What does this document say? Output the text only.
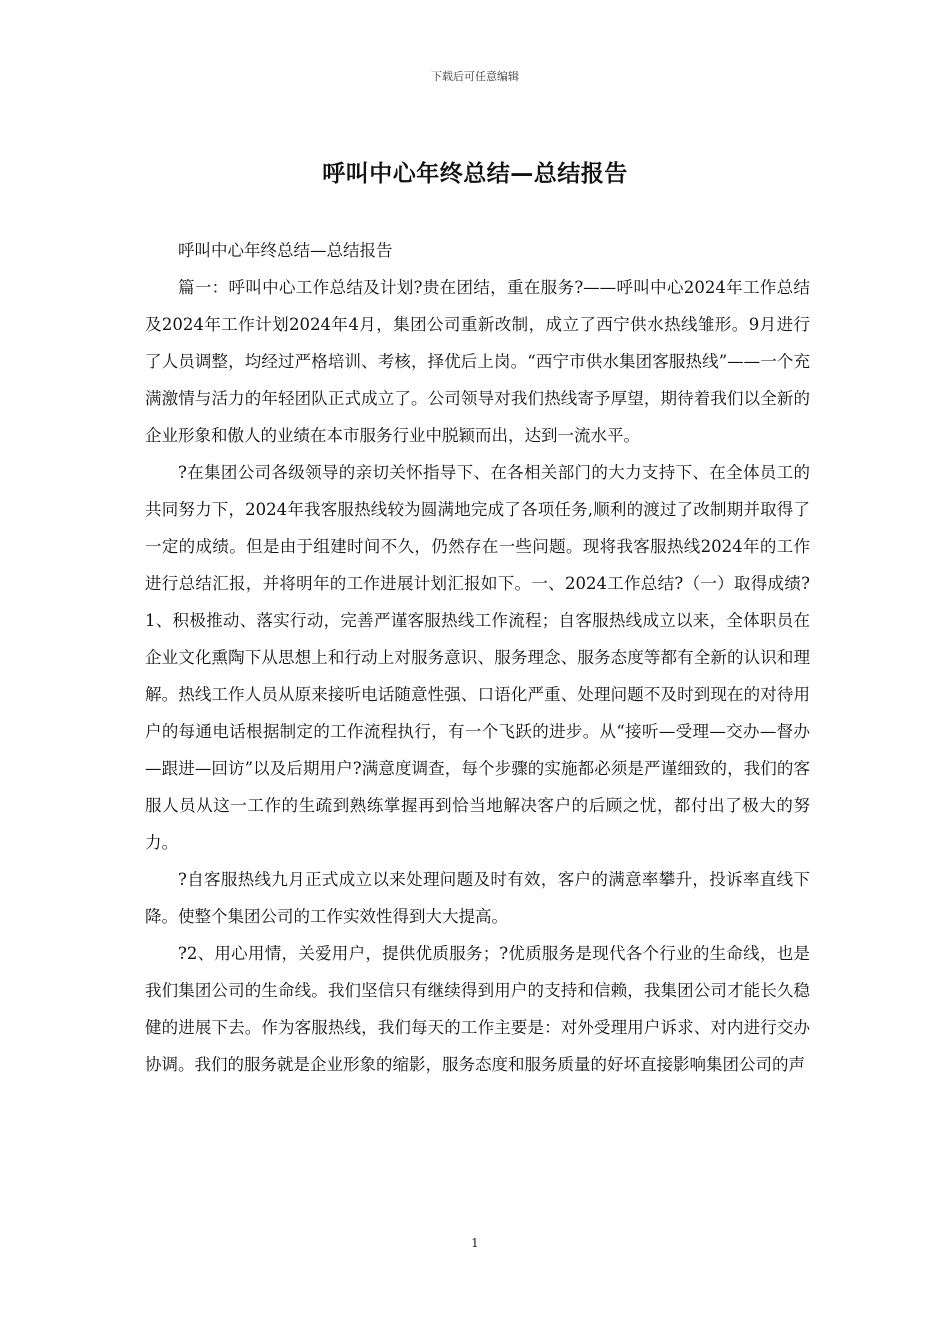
下载后可任意编辑
呼叫中心年终总结—总结报告

呼叫中心年终总结—总结报告

篇一：呼叫中心工作总结及计划?贵在团结，重在服务?——呼叫中心2024年工作总结及2024年工作计划2024年4月，集团公司重新改制，成立了西宁供水热线雏形。9月进行了人员调整，均经过严格培训、考核，择优后上岗。“西宁市供水集团客服热线”——一个充满激情与活力的年轻团队正式成立了。公司领导对我们热线寄予厚望，期待着我们以全新的企业形象和傲人的业绩在本市服务行业中脱颖而出，达到一流水平。

?在集团公司各级领导的亲切关怀指导下、在各相关部门的大力支持下、在全体员工的共同努力下，2024年我客服热线较为圆满地完成了各项任务,顺利的渡过了改制期并取得了一定的成绩。但是由于组建时间不久，仍然存在一些问题。现将我客服热线2024年的工作进行总结汇报，并将明年的工作进展计划汇报如下。一、2024工作总结?（一）取得成绩?1、积极推动、落实行动，完善严谨客服热线工作流程；自客服热线成立以来，全体职员在企业文化熏陶下从思想上和行动上对服务意识、服务理念、服务态度等都有全新的认识和理解。热线工作人员从原来接听电话随意性强、口语化严重、处理问题不及时到现在的对待用户的每通电话根据制定的工作流程执行，有一个飞跃的进步。从“接听—受理—交办—督办—跟进—回访”以及后期用户?满意度调查，每个步骤的实施都必须是严谨细致的，我们的客服人员从这一工作的生疏到熟练掌握再到恰当地解决客户的后顾之忧，都付出了极大的努力。

?自客服热线九月正式成立以来处理问题及时有效，客户的满意率攀升，投诉率直线下降。使整个集团公司的工作实效性得到大大提高。

?2、用心用情，关爱用户，提供优质服务；?优质服务是现代各个行业的生命线，也是我们集团公司的生命线。我们坚信只有继续得到用户的支持和信赖，我集团公司才能长久稳健的进展下去。作为客服热线，我们每天的工作主要是：对外受理用户诉求、对内进行交办协调。我们的服务就是企业形象的缩影，服务态度和服务质量的好坏直接影响集团公司的声

1
